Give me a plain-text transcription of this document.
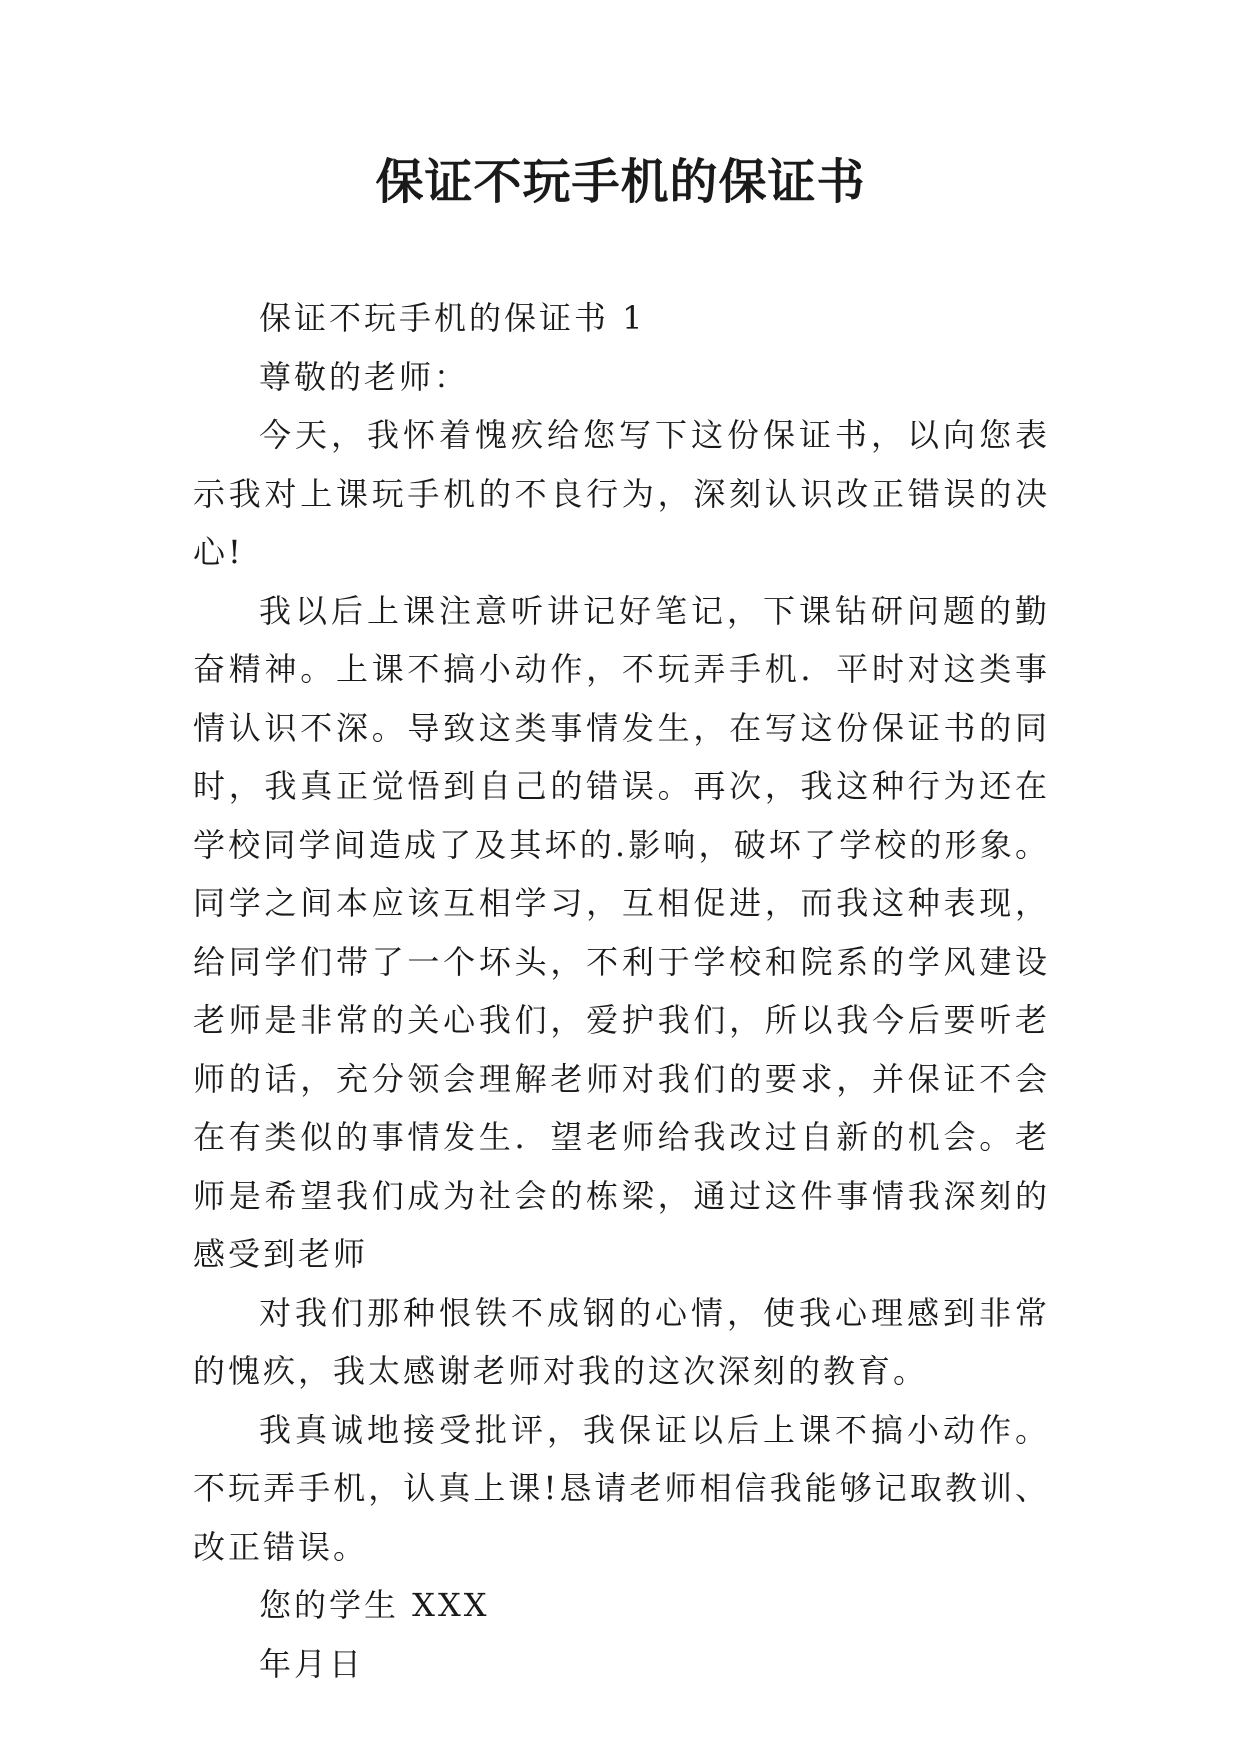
保证不玩手机的保证书

保证不玩手机的保证书 1

尊敬的老师：

今天，我怀着愧疚给您写下这份保证书，以向您表示我对上课玩手机的不良行为，深刻认识改正错误的决心!

我以后上课注意听讲记好笔记，下课钻研问题的勤奋精神。上课不搞小动作，不玩弄手机．平时对这类事情认识不深。导致这类事情发生，在写这份保证书的同时，我真正觉悟到自己的错误。再次，我这种行为还在学校同学间造成了及其坏的.影响，破坏了学校的形象。同学之间本应该互相学习，互相促进，而我这种表现，给同学们带了一个坏头，不利于学校和院系的学风建设老师是非常的关心我们，爱护我们，所以我今后要听老师的话，充分领会理解老师对我们的要求，并保证不会在有类似的事情发生．望老师给我改过自新的机会。老师是希望我们成为社会的栋梁，通过这件事情我深刻的感受到老师

对我们那种恨铁不成钢的心情，使我心理感到非常的愧疚，我太感谢老师对我的这次深刻的教育。

我真诚地接受批评，我保证以后上课不搞小动作。不玩弄手机，认真上课!恳请老师相信我能够记取教训、改正错误。

您的学生 XXX

年月日
